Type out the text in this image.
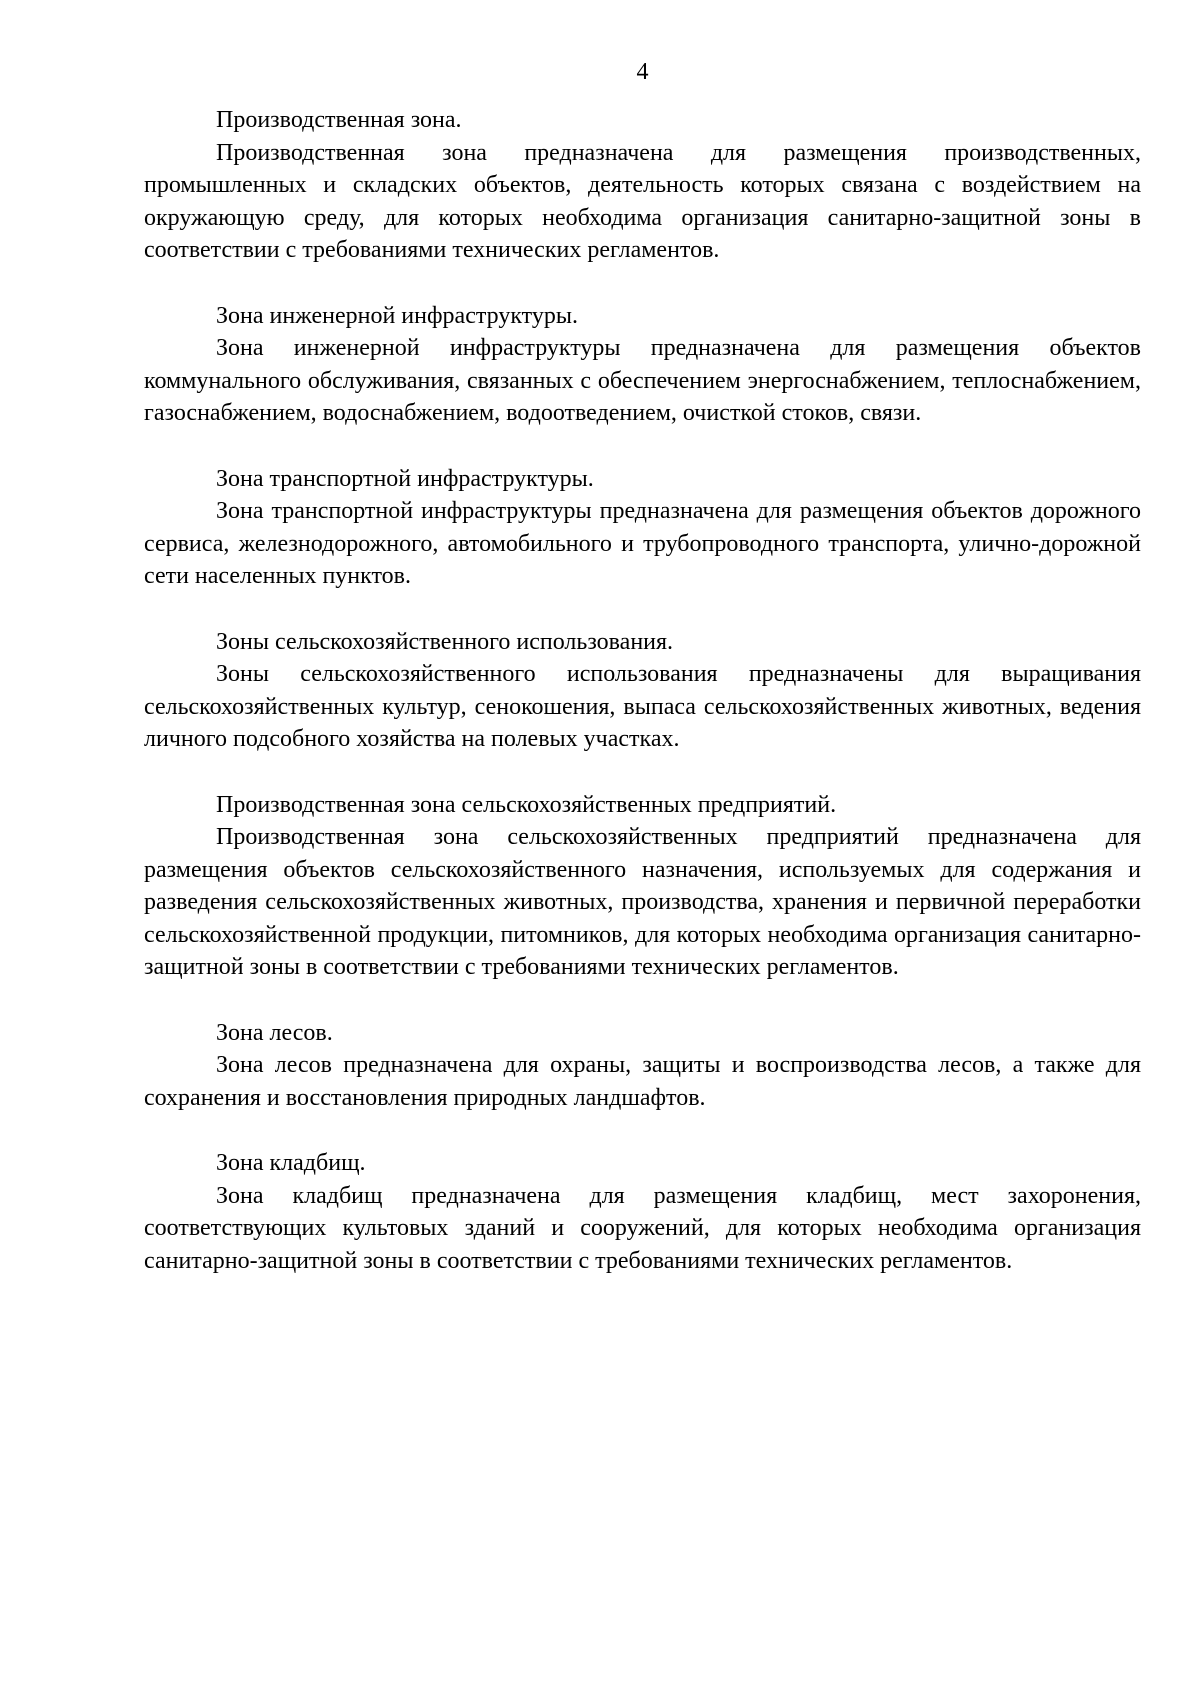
4

Производственная зона.

Производственная зона предназначена для размещения производственных, промышленных и складских объектов, деятельность которых связана с воздействием на окружающую среду, для которых необходима организация санитарно-защитной зоны в соответствии с требованиями технических регламентов.

Зона инженерной инфраструктуры.

Зона инженерной инфраструктуры предназначена для размещения объектов коммунального обслуживания, связанных с обеспечением энергоснабжением, теплоснабжением, газоснабжением, водоснабжением, водоотведением, очисткой стоков, связи.

Зона транспортной инфраструктуры.

Зона транспортной инфраструктуры предназначена для размещения объектов дорожного сервиса, железнодорожного, автомобильного и трубопроводного транспорта, улично-дорожной сети населенных пунктов.

Зоны сельскохозяйственного использования.

Зоны сельскохозяйственного использования предназначены для выращивания сельскохозяйственных культур, сенокошения, выпаса сельскохозяйственных животных, ведения личного подсобного хозяйства на полевых участках.

Производственная зона сельскохозяйственных предприятий.

Производственная зона сельскохозяйственных предприятий предназначена для размещения объектов сельскохозяйственного назначения, используемых для содержания и разведения сельскохозяйственных животных, производства, хранения и первичной переработки сельскохозяйственной продукции, питомников, для которых необходима организация санитарно-защитной зоны в соответствии с требованиями технических регламентов.

Зона лесов.

Зона лесов предназначена для охраны, защиты и воспроизводства лесов, а также для сохранения и восстановления природных ландшафтов.

Зона кладбищ.

Зона кладбищ предназначена для размещения кладбищ, мест захоронения, соответствующих культовых зданий и сооружений, для которых необходима организация санитарно-защитной зоны в соответствии с требованиями технических регламентов.
